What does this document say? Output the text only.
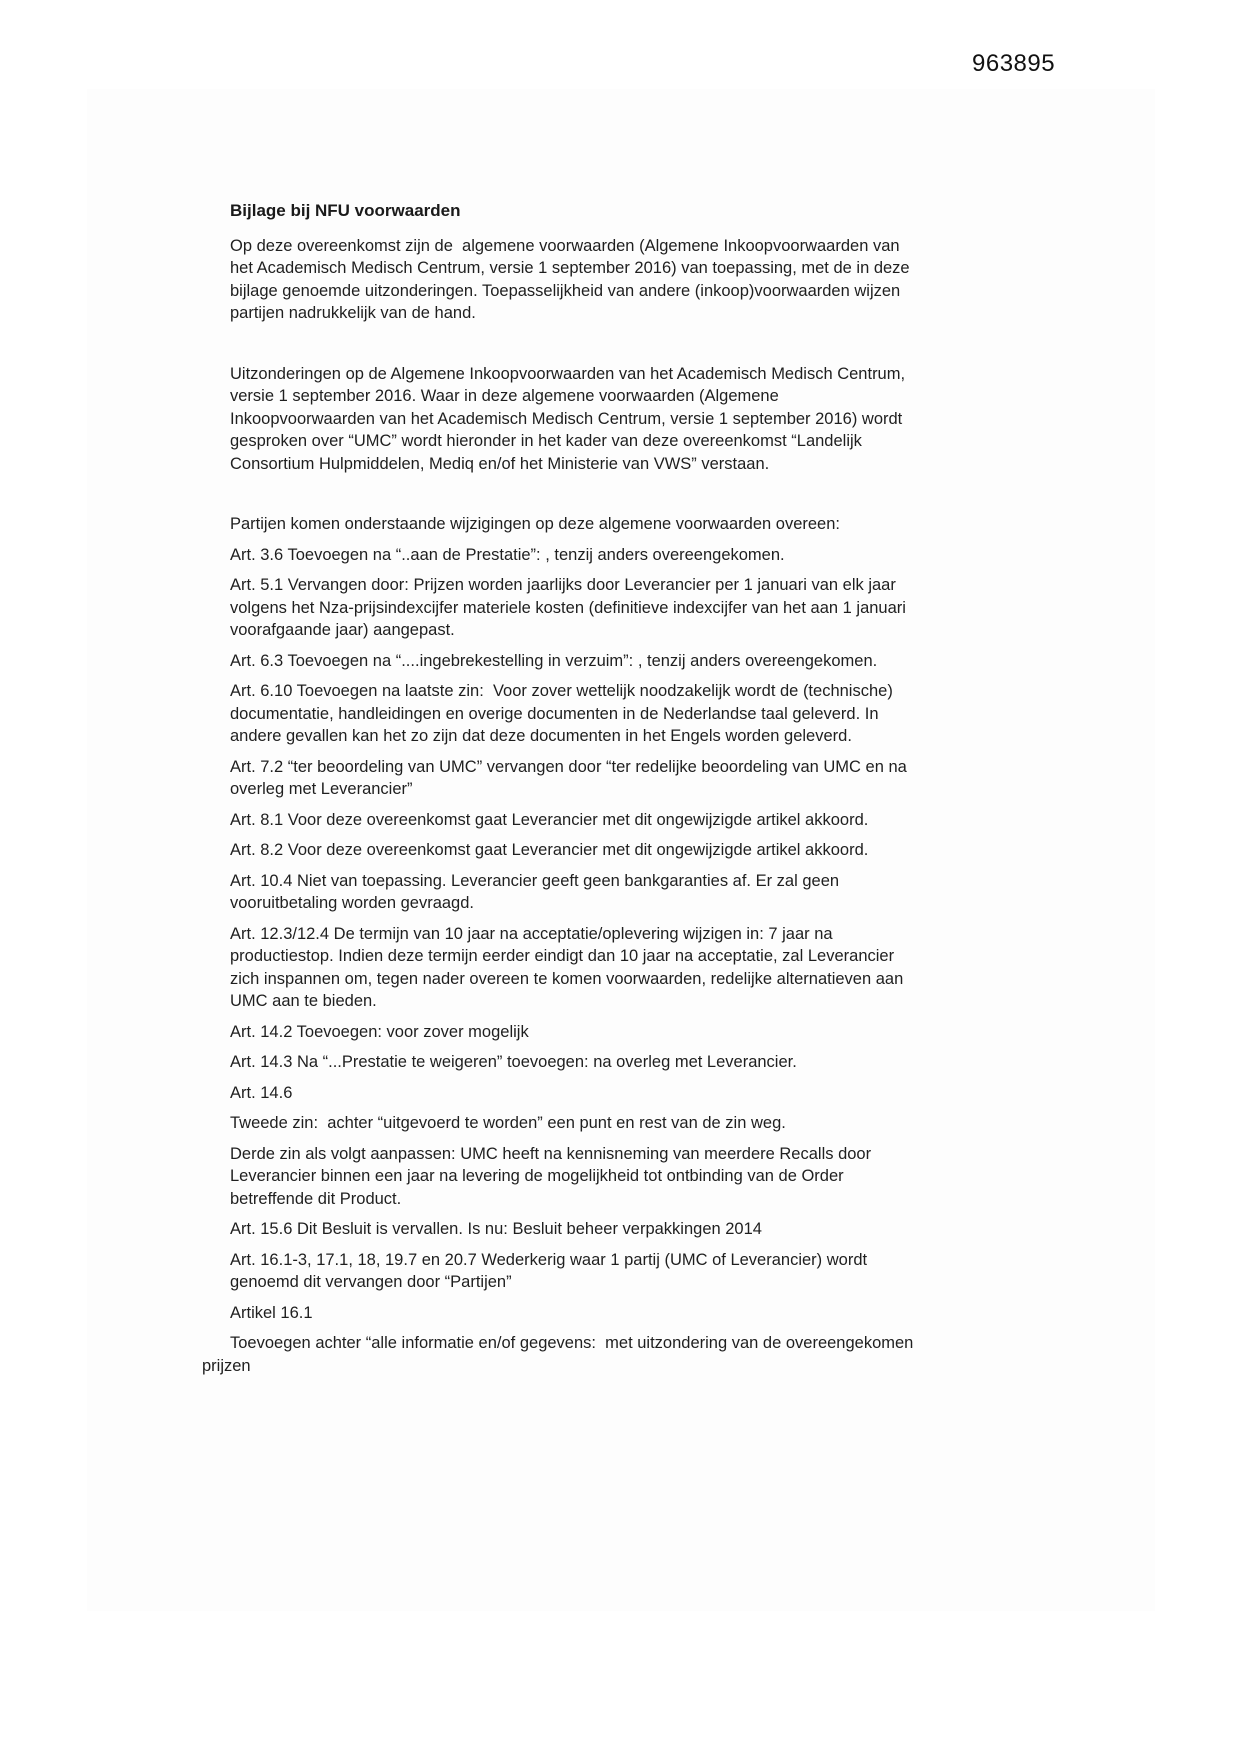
963895
Bijlage bij NFU voorwaarden

Op deze overeenkomst zijn de  algemene voorwaarden (Algemene Inkoopvoorwaarden van het Academisch Medisch Centrum, versie 1 september 2016) van toepassing, met de in deze bijlage genoemde uitzonderingen. Toepasselijkheid van andere (inkoop)voorwaarden wijzen partijen nadrukkelijk van de hand.

Uitzonderingen op de Algemene Inkoopvoorwaarden van het Academisch Medisch Centrum, versie 1 september 2016. Waar in deze algemene voorwaarden (Algemene Inkoopvoorwaarden van het Academisch Medisch Centrum, versie 1 september 2016) wordt gesproken over “UMC” wordt hieronder in het kader van deze overeenkomst “Landelijk Consortium Hulpmiddelen, Mediq en/of het Ministerie van VWS” verstaan.

Partijen komen onderstaande wijzigingen op deze algemene voorwaarden overeen:

Art. 3.6 Toevoegen na “..aan de Prestatie”: , tenzij anders overeengekomen.

Art. 5.1 Vervangen door: Prijzen worden jaarlijks door Leverancier per 1 januari van elk jaar volgens het Nza-prijsindexcijfer materiele kosten (definitieve indexcijfer van het aan 1 januari voorafgaande jaar) aangepast.

Art. 6.3 Toevoegen na “....ingebrekestelling in verzuim”: , tenzij anders overeengekomen.

Art. 6.10 Toevoegen na laatste zin:  Voor zover wettelijk noodzakelijk wordt de (technische) documentatie, handleidingen en overige documenten in de Nederlandse taal geleverd. In andere gevallen kan het zo zijn dat deze documenten in het Engels worden geleverd.

Art. 7.2 “ter beoordeling van UMC” vervangen door “ter redelijke beoordeling van UMC en na overleg met Leverancier”

Art. 8.1 Voor deze overeenkomst gaat Leverancier met dit ongewijzigde artikel akkoord.

Art. 8.2 Voor deze overeenkomst gaat Leverancier met dit ongewijzigde artikel akkoord.

Art. 10.4 Niet van toepassing. Leverancier geeft geen bankgaranties af. Er zal geen vooruitbetaling worden gevraagd.

Art. 12.3/12.4 De termijn van 10 jaar na acceptatie/oplevering wijzigen in: 7 jaar na productiestop. Indien deze termijn eerder eindigt dan 10 jaar na acceptatie, zal Leverancier zich inspannen om, tegen nader overeen te komen voorwaarden, redelijke alternatieven aan UMC aan te bieden.

Art. 14.2 Toevoegen: voor zover mogelijk

Art. 14.3 Na “...Prestatie te weigeren” toevoegen: na overleg met Leverancier.

Art. 14.6

Tweede zin:  achter “uitgevoerd te worden” een punt en rest van de zin weg.

Derde zin als volgt aanpassen: UMC heeft na kennisneming van meerdere Recalls door Leverancier binnen een jaar na levering de mogelijkheid tot ontbinding van de Order betreffende dit Product.

Art. 15.6 Dit Besluit is vervallen. Is nu: Besluit beheer verpakkingen 2014

Art. 16.1-3, 17.1, 18, 19.7 en 20.7 Wederkerig waar 1 partij (UMC of Leverancier) wordt genoemd dit vervangen door “Partijen”

Artikel 16.1

Toevoegen achter “alle informatie en/of gegevens:  met uitzondering van de overeengekomen prijzen
